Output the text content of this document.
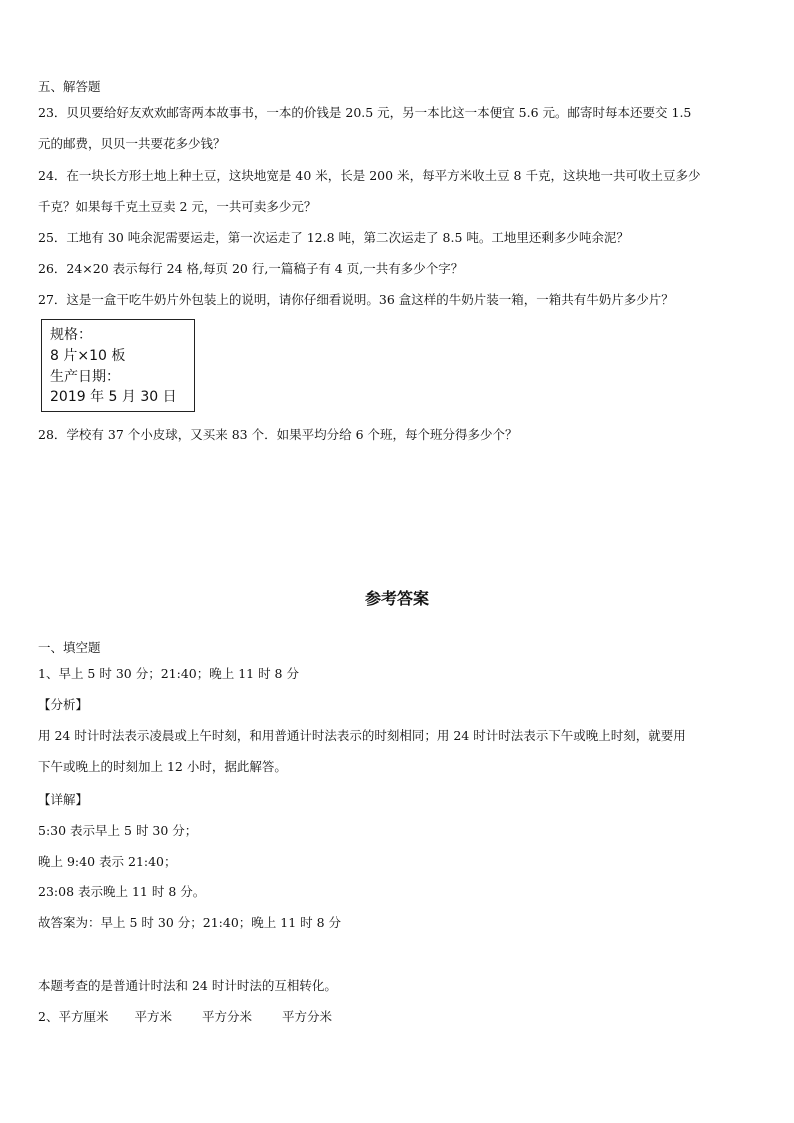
五、解答题
23．贝贝要给好友欢欢邮寄两本故事书，一本的价钱是 20.5 元，另一本比这一本便宜 5.6 元。邮寄时每本还要交 1.5
元的邮费，贝贝一共要花多少钱？
24．在一块长方形土地上种土豆，这块地宽是 40 米，长是 200 米，每平方米收土豆 8 千克，这块地一共可收土豆多少
千克？如果每千克土豆卖 2 元，一共可卖多少元？
25．工地有 30 吨余泥需要运走，第一次运走了 12.8 吨，第二次运走了 8.5 吨。工地里还剩多少吨余泥？
26．24×20 表示每行 24 格,每页 20 行,一篇稿子有 4 页,一共有多少个字？
27．这是一盒干吃牛奶片外包装上的说明，请你仔细看说明。36 盒这样的牛奶片装一箱，一箱共有牛奶片多少片？
规格：
8 片×10 板
生产日期：
2019 年 5 月 30 日
28．学校有 37 个小皮球，又买来 83 个．如果平均分给 6 个班，每个班分得多少个？
参考答案
一、填空题
1、早上 5 时 30 分；21:40；晚上 11 时 8 分
【分析】
用 24 时计时法表示凌晨或上午时刻，和用普通计时法表示的时刻相同；用 24 时计时法表示下午或晚上时刻，就要用
下午或晚上的时刻加上 12 小时，据此解答。
【详解】
5:30 表示早上 5 时 30 分；
晚上 9:40 表示 21:40；
23:08 表示晚上 11 时 8 分。
故答案为：早上 5 时 30 分；21:40；晚上 11 时 8 分
本题考查的是普通计时法和 24 时计时法的互相转化。
2、平方厘米 平方米 平方分米 平方分米
